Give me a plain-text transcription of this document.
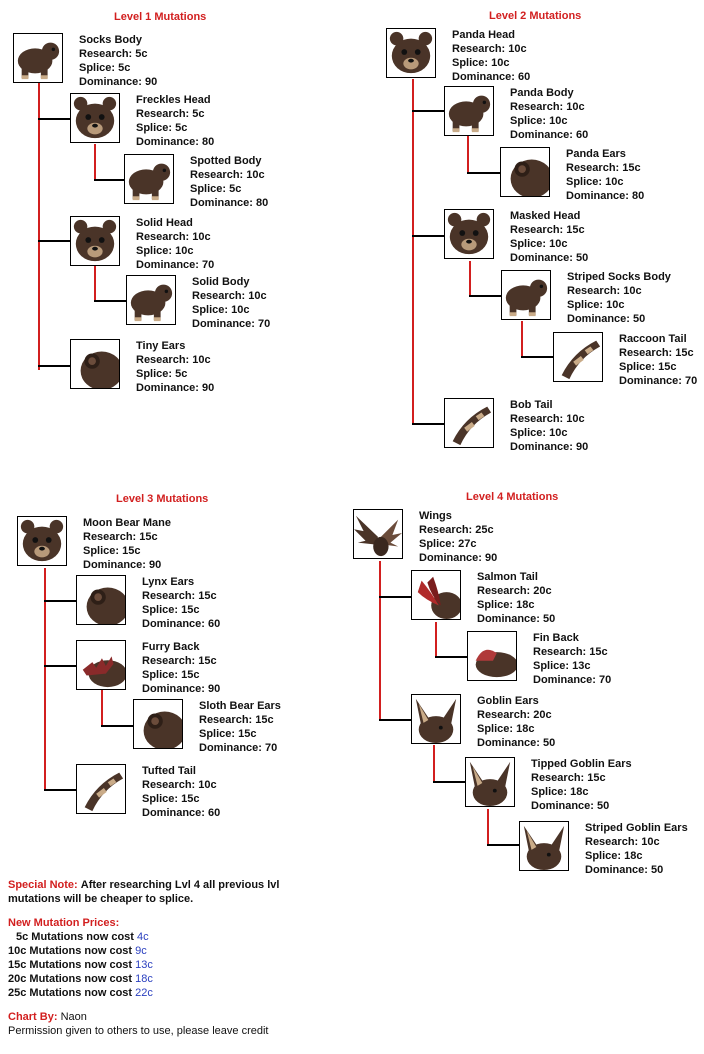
Level 1 Mutations	Level 2 Mutations
Level 3 Mutations	Level 4 Mutations
Socks Body
Research: 5c
Splice: 5c
Dominance: 90
Freckles Head
Research: 5c
Splice: 5c
Dominance: 80
Spotted Body
Research: 10c
Splice: 5c
Dominance: 80
Solid Head
Research: 10c
Splice: 10c
Dominance: 70
Solid Body
Research: 10c
Splice: 10c
Dominance: 70
Tiny Ears
Research: 10c
Splice: 5c
Dominance: 90
Panda Head
Research: 10c
Splice: 10c
Dominance: 60
Panda Body
Research: 10c
Splice: 10c
Dominance: 60
Panda Ears
Research: 15c
Splice: 10c
Dominance: 80
Masked Head
Research: 15c
Splice: 10c
Dominance: 50
Striped Socks Body
Research: 10c
Splice: 10c
Dominance: 50
Raccoon Tail
Research: 15c
Splice: 15c
Dominance: 70
Bob Tail
Research: 10c
Splice: 10c
Dominance: 90
Moon Bear Mane
Research: 15c
Splice: 15c
Dominance: 90
Lynx Ears
Research: 15c
Splice: 15c
Dominance: 60
Furry Back
Research: 15c
Splice: 15c
Dominance: 90
Sloth Bear Ears
Research: 15c
Splice: 15c
Dominance: 70
Tufted Tail
Research: 10c
Splice: 15c
Dominance: 60
Wings
Research: 25c
Splice: 27c
Dominance: 90
Salmon Tail
Research: 20c
Splice: 18c
Dominance: 50
Fin Back
Research: 15c
Splice: 13c
Dominance: 70
Goblin Ears
Research: 20c
Splice: 18c
Dominance: 50
Tipped Goblin Ears
Research: 15c
Splice: 18c
Dominance: 50
Striped Goblin Ears
Research: 10c
Splice: 18c
Dominance: 50
Special Note: After researching Lvl 4 all previous lvl mutations will be cheaper to splice.
New Mutation Prices:
5c Mutations now cost 4c
10c Mutations now cost 9c
15c Mutations now cost 13c
20c Mutations now cost 18c
25c Mutations now cost 22c
Chart By: Naon
Permission given to others to use, please leave credit
